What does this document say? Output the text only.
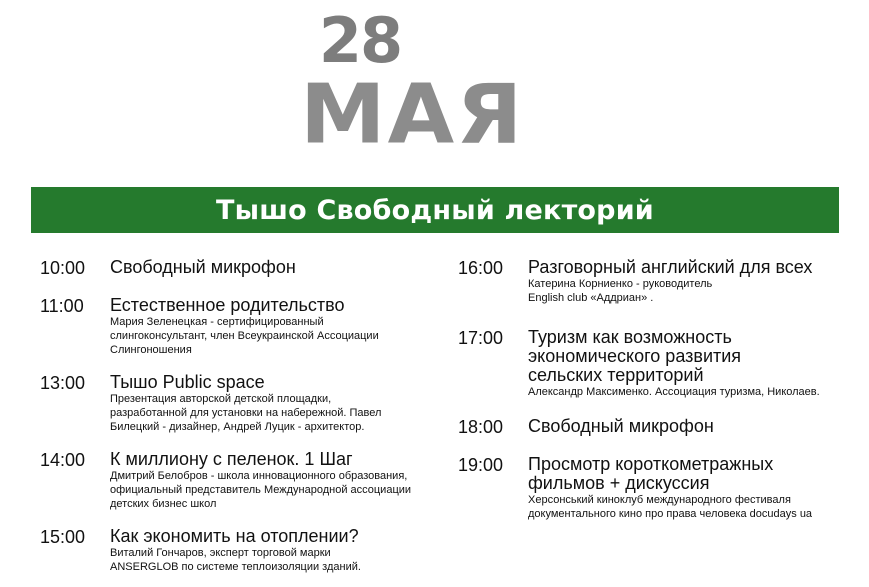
28
МАЯ
Тышо Свободный лекторий
10:00 Свободный микрофон
11:00 Естественное родительство
Мария Зеленецкая - сертифицированный слингоконсультант, член Всеукраинской Ассоциации Слингоношения
13:00 Тышо Public space
Презентация авторской детской площадки, разработанной для установки на набережной. Павел Билецкий - дизайнер, Андрей Луцик - архитектор.
14:00 К миллиону с пеленок. 1 Шаг
Дмитрий Белобров - школа инновационного образования, официальный представитель Международной ассоциации детских бизнес школ
15:00 Как экономить на отоплении?
Виталий Гончаров, эксперт торговой марки ANSERGLOB по системе теплоизоляции зданий.
16:00 Разговорный английский для всех
Катерина Корниенко - руководитель English club «Аддриан» .
17:00 Туризм как возможность экономического развития сельских территорий
Александр Максименко. Ассоциация туризма, Николаев.
18:00 Свободный микрофон
19:00 Просмотр короткометражных фильмов + дискуссия
Херсонський киноклуб международного фестиваля документального кино про права человека docudays ua
